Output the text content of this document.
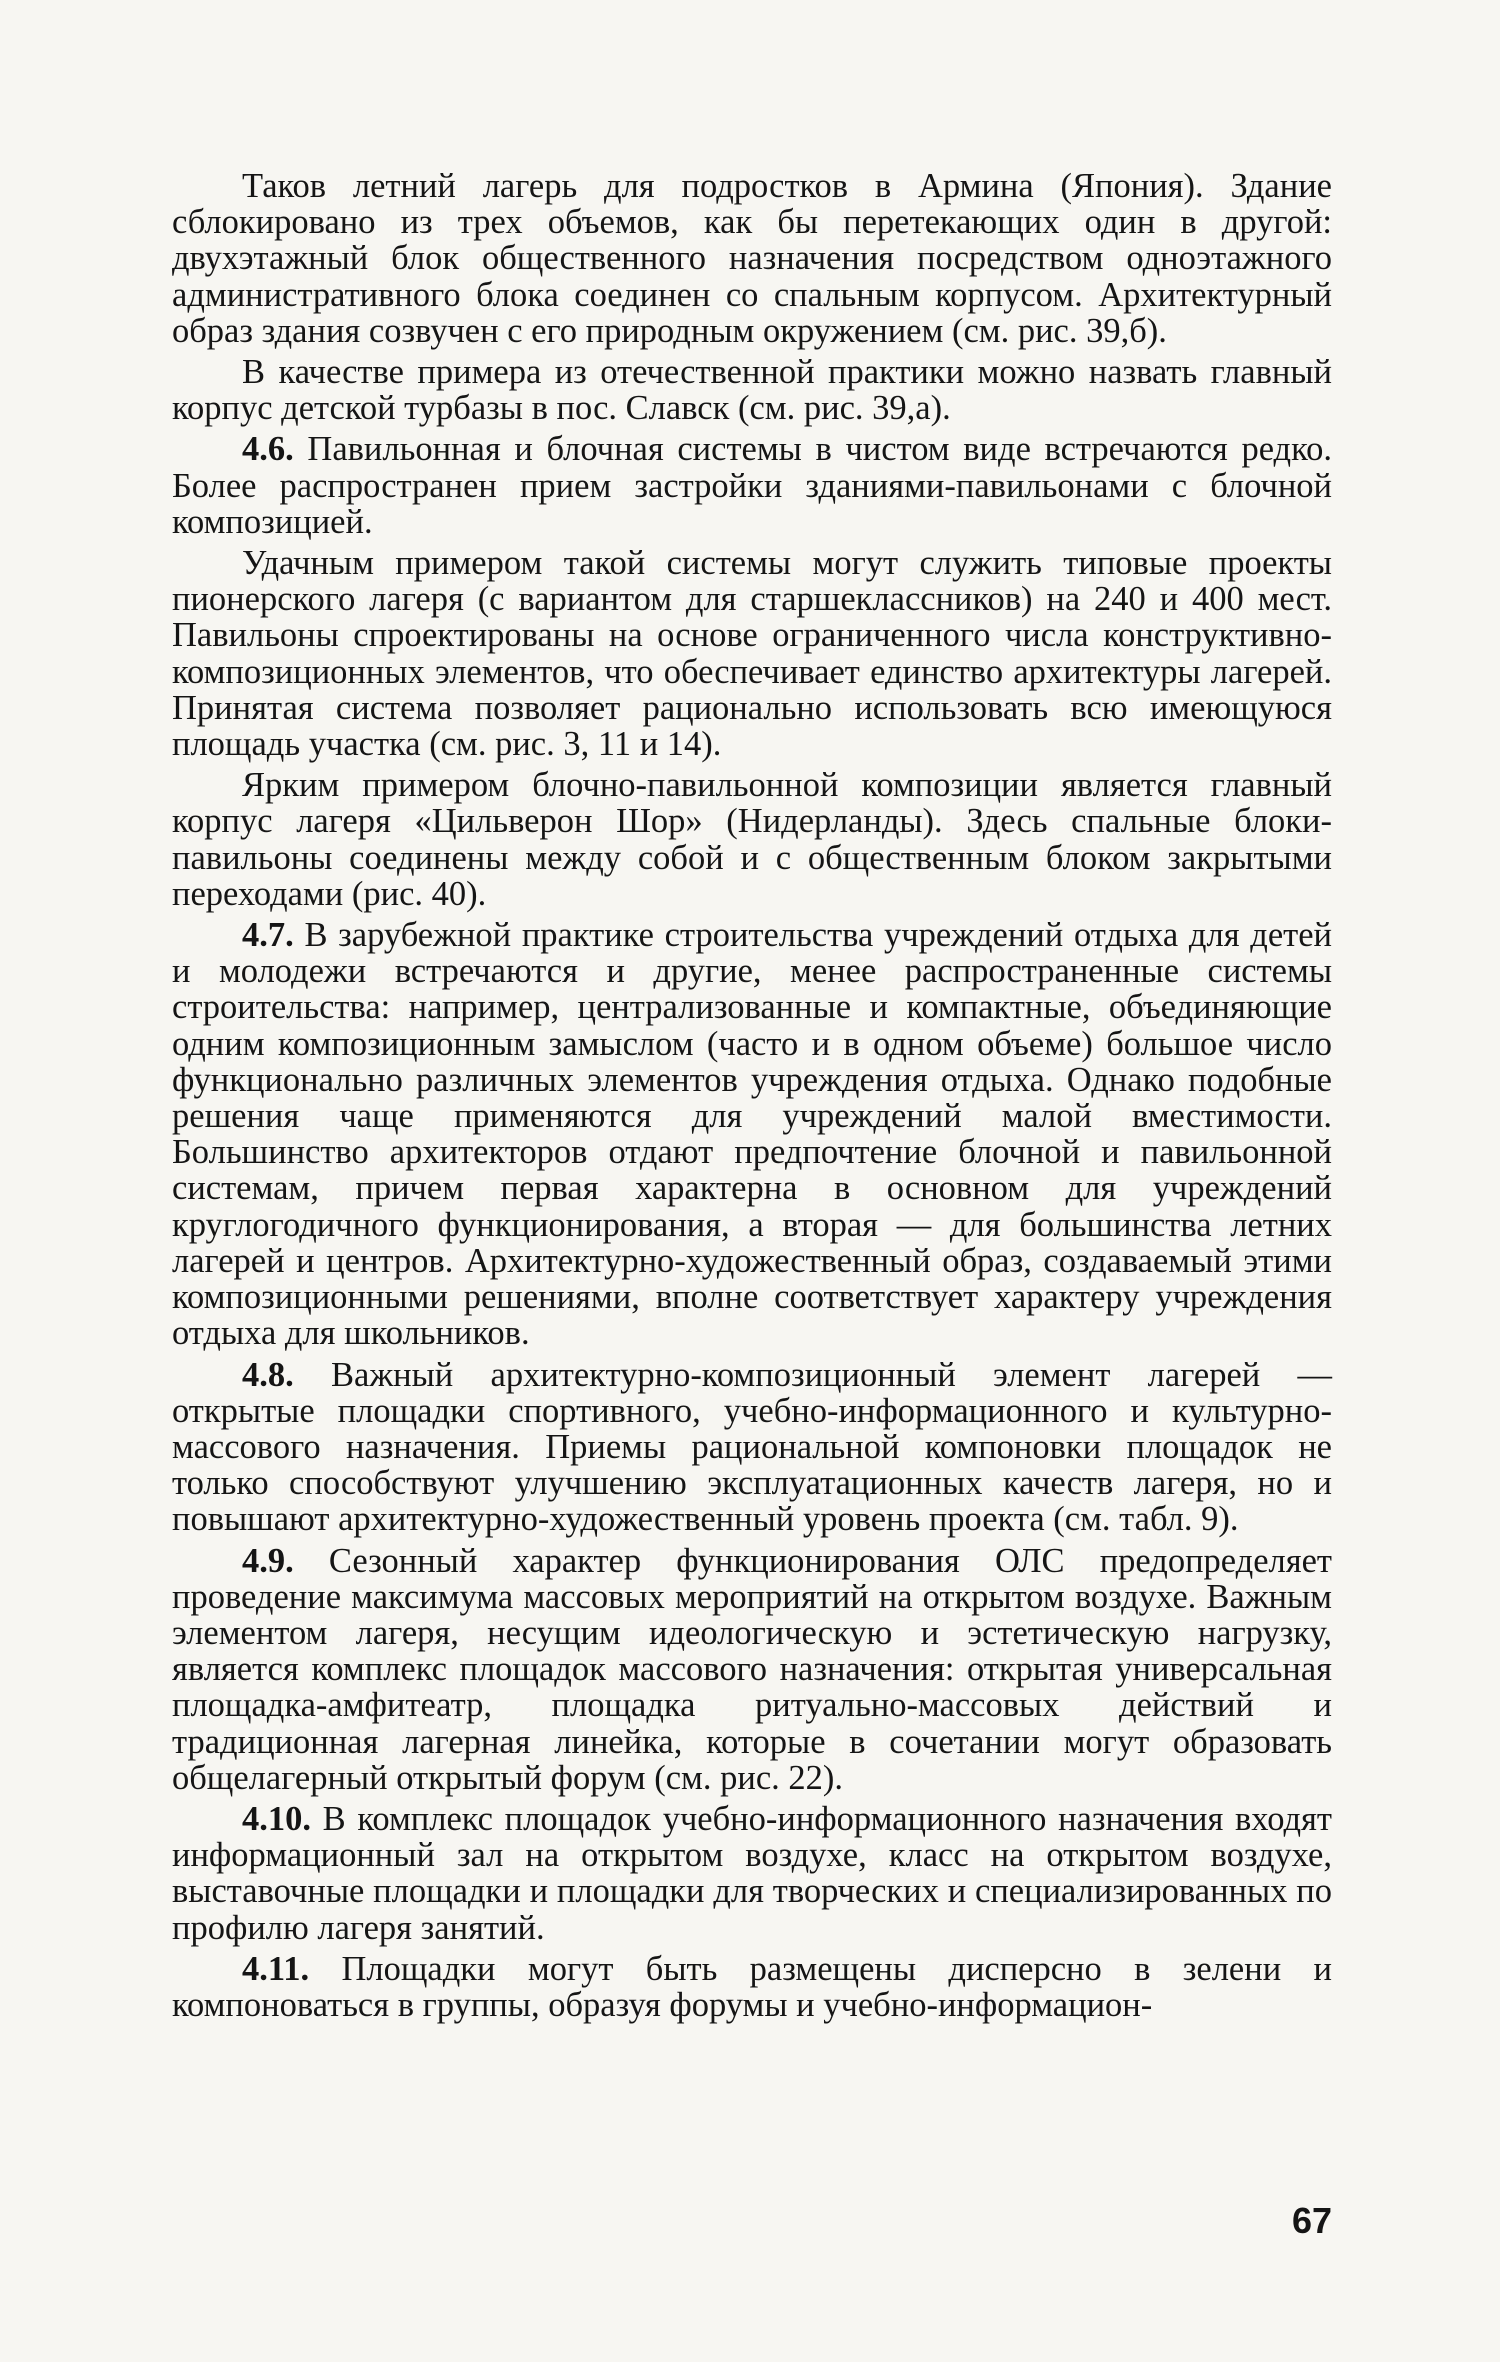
Таков летний лагерь для подростков в Армина (Япония). Здание сблокировано из трех объемов, как бы перетекающих один в другой: двухэтажный блок общественного назначения посредством одноэтажного административного блока соединен со спальным корпусом. Архитектурный образ здания созвучен с его природным окружением (см. рис. 39,б).

В качестве примера из отечественной практики можно назвать главный корпус детской турбазы в пос. Славск (см. рис. 39,а).

4.6. Павильонная и блочная системы в чистом виде встречаются редко. Более распространен прием застройки зданиями-павильонами с блочной композицией.

Удачным примером такой системы могут служить типовые проекты пионерского лагеря (с вариантом для старшеклассников) на 240 и 400 мест. Павильоны спроектированы на основе ограниченного числа конструктивно-композиционных элементов, что обеспечивает единство архитектуры лагерей. Принятая система позволяет рационально использовать всю имеющуюся площадь участка (см. рис. 3, 11 и 14).

Ярким примером блочно-павильонной композиции является главный корпус лагеря «Цильверон Шор» (Нидерланды). Здесь спальные блоки-павильоны соединены между собой и с общественным блоком закрытыми переходами (рис. 40).

4.7. В зарубежной практике строительства учреждений отдыха для детей и молодежи встречаются и другие, менее распространенные системы строительства: например, централизованные и компактные, объединяющие одним композиционным замыслом (часто и в одном объеме) большое число функционально различных элементов учреждения отдыха. Однако подобные решения чаще применяются для учреждений малой вместимости. Большинство архитекторов отдают предпочтение блочной и павильонной системам, причем первая характерна в основном для учреждений круглогодичного функционирования, а вторая — для большинства летних лагерей и центров. Архитектурно-художественный образ, создаваемый этими композиционными решениями, вполне соответствует характеру учреждения отдыха для школьников.

4.8. Важный архитектурно-композиционный элемент лагерей — открытые площадки спортивного, учебно-информационного и культурно-массового назначения. Приемы рациональной компоновки площадок не только способствуют улучшению эксплуатационных качеств лагеря, но и повышают архитектурно-художественный уровень проекта (см. табл. 9).

4.9. Сезонный характер функционирования ОЛС предопределяет проведение максимума массовых мероприятий на открытом воздухе. Важным элементом лагеря, несущим идеологическую и эстетическую нагрузку, является комплекс площадок массового назначения: открытая универсальная площадка-амфитеатр, площадка ритуально-массовых действий и традиционная лагерная линейка, которые в сочетании могут образовать общелагерный открытый форум (см. рис. 22).

4.10. В комплекс площадок учебно-информационного назначения входят информационный зал на открытом воздухе, класс на открытом воздухе, выставочные площадки и площадки для творческих и специализированных по профилю лагеря занятий.

4.11. Площадки могут быть размещены дисперсно в зелени и компоноваться в группы, образуя форумы и учебно-информацион-

67
